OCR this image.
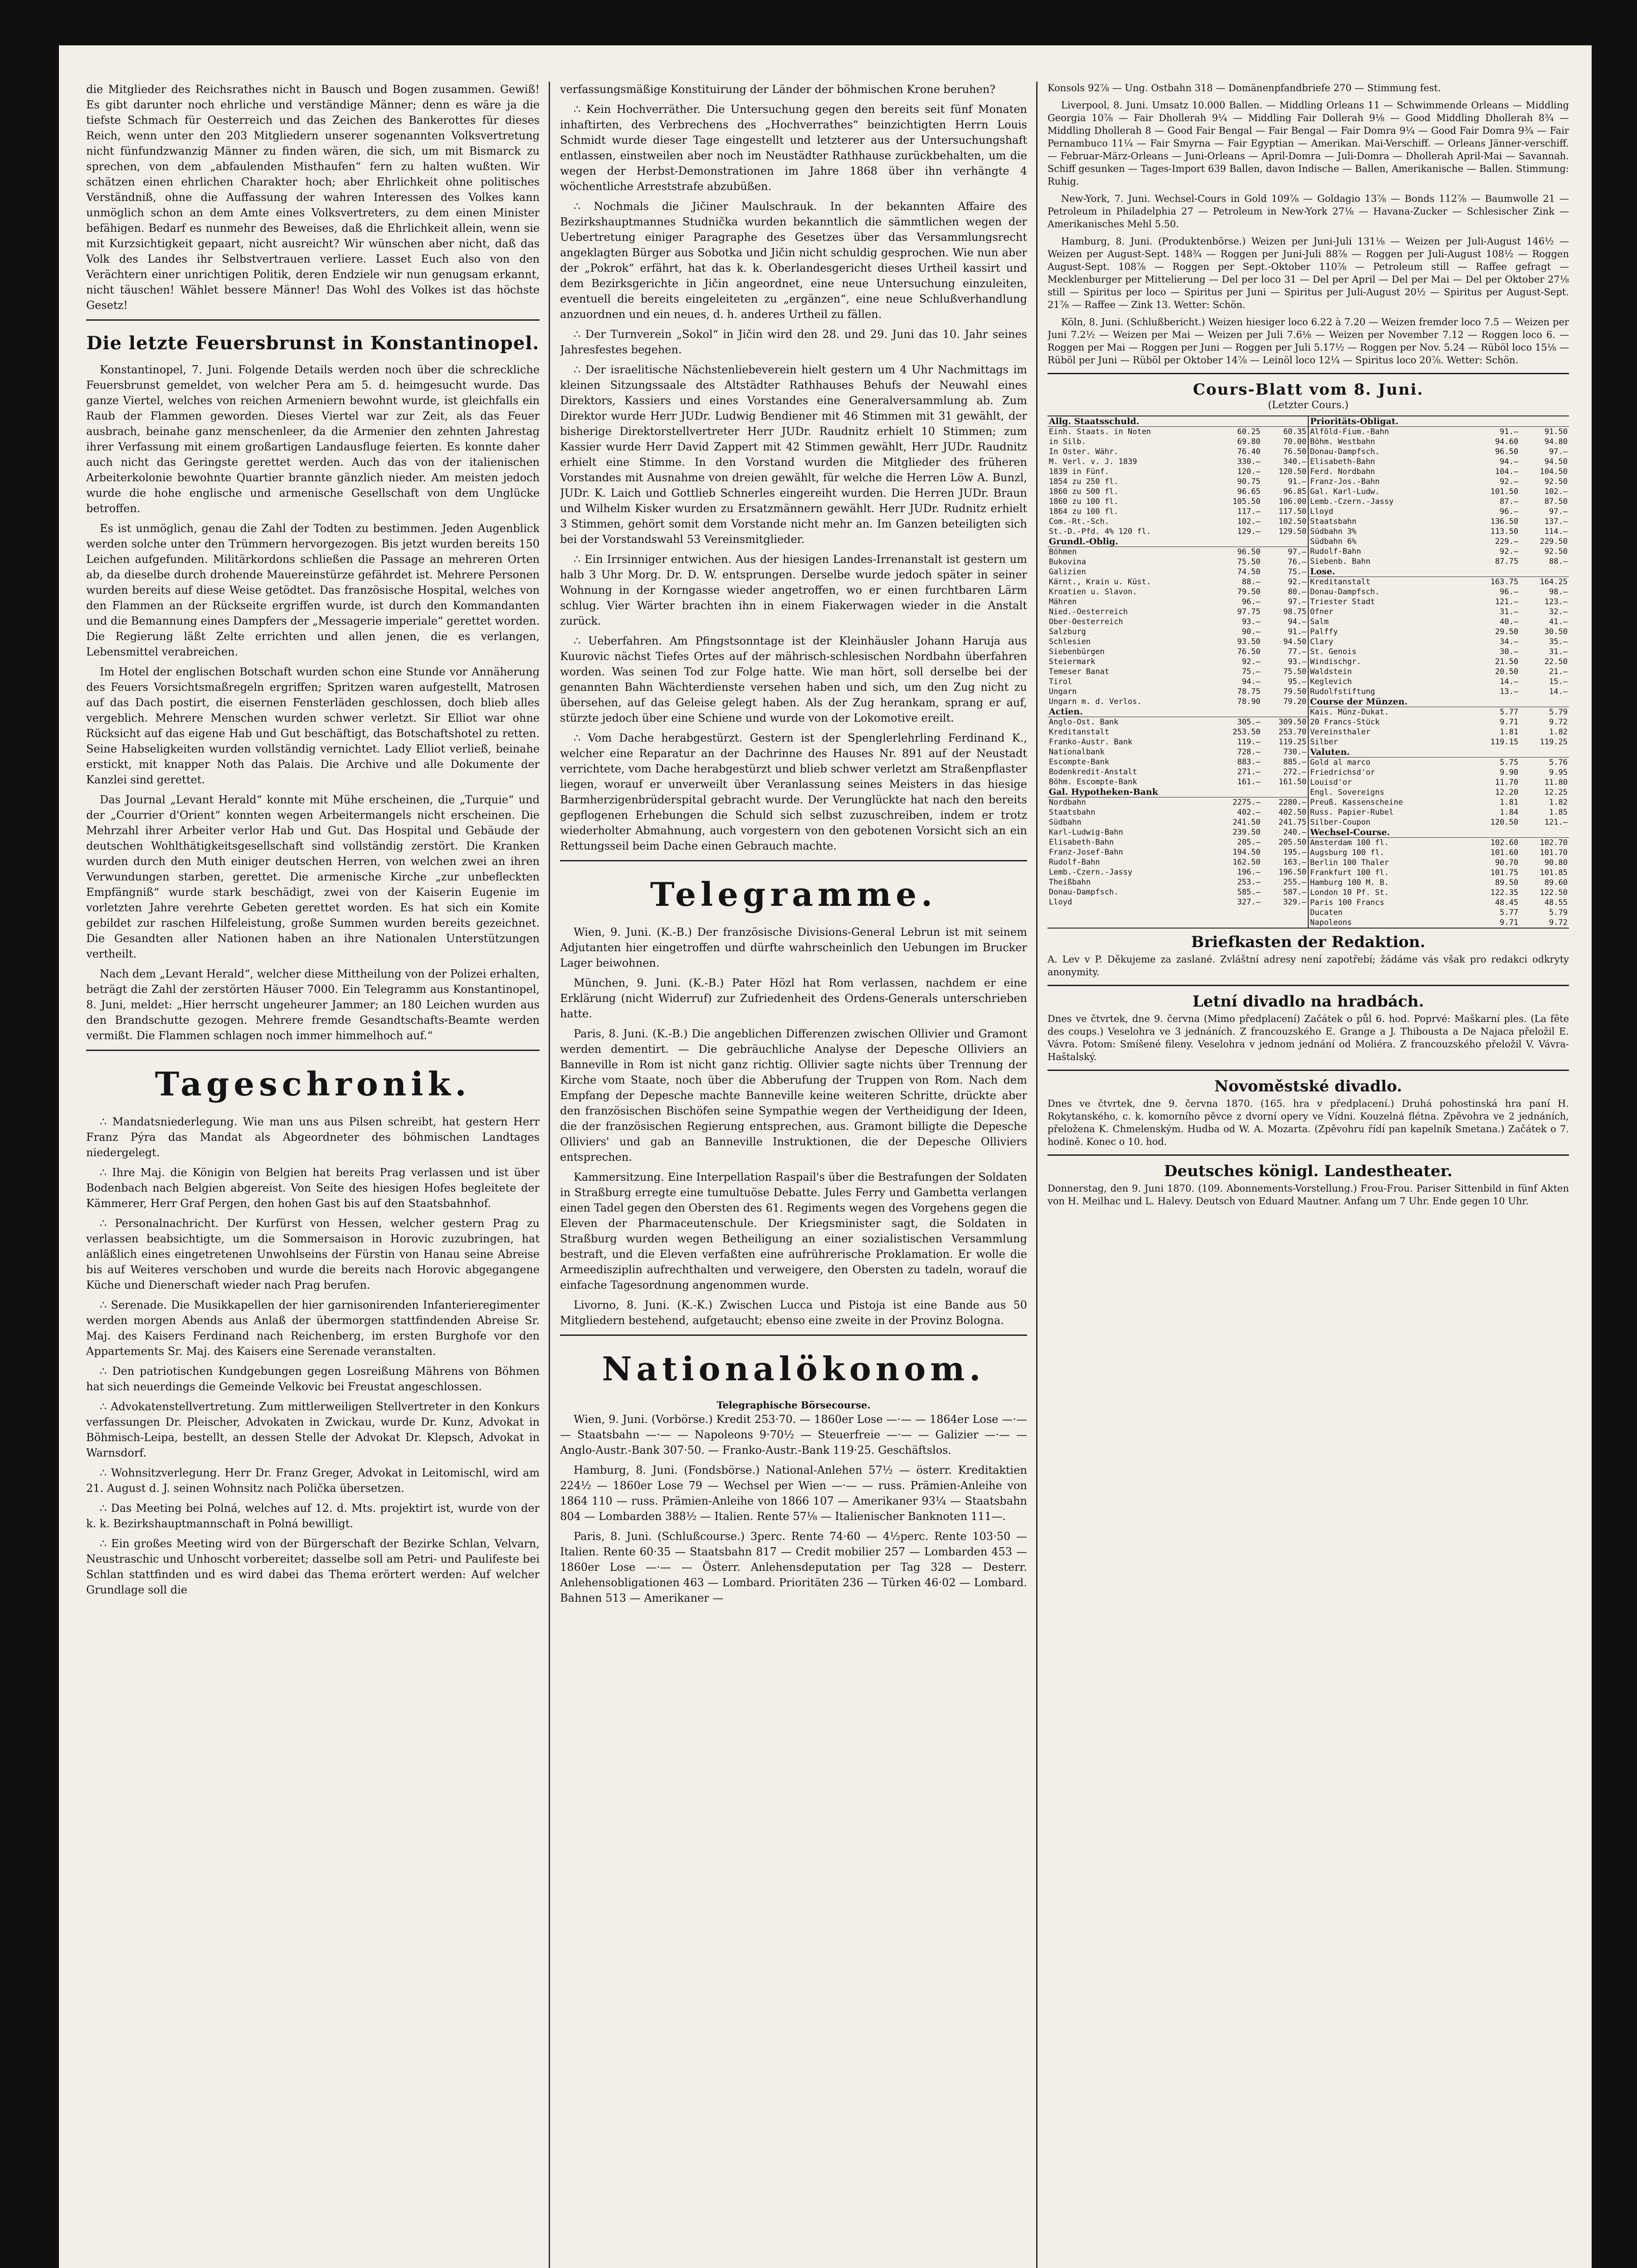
die Mitglieder des Reichsrathes nicht in Bausch und Bogen zusammen. Gewiß! Es gibt darunter noch ehrliche und verständige Männer; denn es wäre ja die tiefste Schmach für Oesterreich und das Zeichen des Bankerottes für dieses Reich, wenn unter den 203 Mitgliedern unserer sogenannten Volksvertretung nicht fünfundzwanzig Männer zu finden wären, die sich, um mit Bismarck zu sprechen, von dem „abfaulenden Misthaufen“ fern zu halten wußten. Wir schätzen einen ehrlichen Charakter hoch; aber Ehrlichkeit ohne politisches Verständniß, ohne die Auffassung der wahren Interessen des Volkes kann unmöglich schon an dem Amte eines Volksvertreters, zu dem einen Minister befähigen. Bedarf es nunmehr des Beweises, daß die Ehrlichkeit allein, wenn sie mit Kurzsichtigkeit gepaart, nicht ausreicht? Wir wünschen aber nicht, daß das Volk des Landes ihr Selbstvertrauen verliere. Lasset Euch also von den Verächtern einer unrichtigen Politik, deren Endziele wir nun genugsam erkannt, nicht täuschen! Wählet bessere Männer! Das Wohl des Volkes ist das höchste Gesetz!

Die letzte Feuersbrunst in Konstantinopel.

Konstantinopel, 7. Juni. Folgende Details werden noch über die schreckliche Feuersbrunst gemeldet, von welcher Pera am 5. d. heimgesucht wurde. Das ganze Viertel, welches von reichen Armeniern bewohnt wurde, ist gleichfalls ein Raub der Flammen geworden. Dieses Viertel war zur Zeit, als das Feuer ausbrach, beinahe ganz menschenleer, da die Armenier den zehnten Jahrestag ihrer Verfassung mit einem großartigen Landausfluge feierten. Es konnte daher auch nicht das Geringste gerettet werden. Auch das von der italienischen Arbeiterkolonie bewohnte Quartier brannte gänzlich nieder. Am meisten jedoch wurde die hohe englische und armenische Gesellschaft von dem Unglücke betroffen.

Es ist unmöglich, genau die Zahl der Todten zu bestimmen. Jeden Augenblick werden solche unter den Trümmern hervorgezogen. Bis jetzt wurden bereits 150 Leichen aufgefunden. Militärkordons schließen die Passage an mehreren Orten ab, da dieselbe durch drohende Mauereinstürze gefährdet ist. Mehrere Personen wurden bereits auf diese Weise getödtet. Das französische Hospital, welches von den Flammen an der Rückseite ergriffen wurde, ist durch den Kommandanten und die Bemannung eines Dampfers der „Messagerie imperiale“ gerettet worden. Die Regierung läßt Zelte errichten und allen jenen, die es verlangen, Lebensmittel verabreichen.

Im Hotel der englischen Botschaft wurden schon eine Stunde vor Annäherung des Feuers Vorsichtsmaßregeln ergriffen; Spritzen waren aufgestellt, Matrosen auf das Dach postirt, die eisernen Fensterläden geschlossen, doch blieb alles vergeblich. Mehrere Menschen wurden schwer verletzt. Sir Elliot war ohne Rücksicht auf das eigene Hab und Gut beschäftigt, das Botschaftshotel zu retten. Seine Habseligkeiten wurden vollständig vernichtet. Lady Elliot verließ, beinahe erstickt, mit knapper Noth das Palais. Die Archive und alle Dokumente der Kanzlei sind gerettet.

Das Journal „Levant Herald“ konnte mit Mühe erscheinen, die „Turquie“ und der „Courrier d'Orient“ konnten wegen Arbeitermangels nicht erscheinen. Die Mehrzahl ihrer Arbeiter verlor Hab und Gut. Das Hospital und Gebäude der deutschen Wohlthätigkeitsgesellschaft sind vollständig zerstört. Die Kranken wurden durch den Muth einiger deutschen Herren, von welchen zwei an ihren Verwundungen starben, gerettet. Die armenische Kirche „zur unbefleckten Empfängniß“ wurde stark beschädigt, zwei von der Kaiserin Eugenie im vorletzten Jahre verehrte Gebeten gerettet worden. Es hat sich ein Komite gebildet zur raschen Hilfeleistung, große Summen wurden bereits gezeichnet. Die Gesandten aller Nationen haben an ihre Nationalen Unterstützungen vertheilt.

Nach dem „Levant Herald“, welcher diese Mittheilung von der Polizei erhalten, beträgt die Zahl der zerstörten Häuser 7000. Ein Telegramm aus Konstantinopel, 8. Juni, meldet: „Hier herrscht ungeheurer Jammer; an 180 Leichen wurden aus den Brandschutte gezogen. Mehrere fremde Gesandtschafts-Beamte werden vermißt. Die Flammen schlagen noch immer himmelhoch auf.“

Tageschronik.

∴ Mandatsniederlegung. Wie man uns aus Pilsen schreibt, hat gestern Herr Franz Pýra das Mandat als Abgeordneter des böhmischen Landtages niedergelegt.

∴ Ihre Maj. die Königin von Belgien hat bereits Prag verlassen und ist über Bodenbach nach Belgien abgereist. Von Seite des hiesigen Hofes begleitete der Kämmerer, Herr Graf Pergen, den hohen Gast bis auf den Staatsbahnhof.

∴ Personalnachricht. Der Kurfürst von Hessen, welcher gestern Prag zu verlassen beabsichtigte, um die Sommersaison in Horovic zuzubringen, hat anläßlich eines eingetretenen Unwohlseins der Fürstin von Hanau seine Abreise bis auf Weiteres verschoben und wurde die bereits nach Horovic abgegangene Küche und Dienerschaft wieder nach Prag berufen.

∴ Serenade. Die Musikkapellen der hier garnisonirenden Infanterieregimenter werden morgen Abends aus Anlaß der übermorgen stattfindenden Abreise Sr. Maj. des Kaisers Ferdinand nach Reichenberg, im ersten Burghofe vor den Appartements Sr. Maj. des Kaisers eine Serenade veranstalten.

∴ Den patriotischen Kundgebungen gegen Losreißung Mährens von Böhmen hat sich neuerdings die Gemeinde Velkovic bei Freustat angeschlossen.

∴ Advokatenstellvertretung. Zum mittlerweiligen Stellvertreter in den Konkurs verfassungen Dr. Pleischer, Advokaten in Zwickau, wurde Dr. Kunz, Advokat in Böhmisch-Leipa, bestellt, an dessen Stelle der Advokat Dr. Klepsch, Advokat in Warnsdorf.

∴ Wohnsitzverlegung. Herr Dr. Franz Greger, Advokat in Leitomischl, wird am 21. August d. J. seinen Wohnsitz nach Polička übersetzen.

∴ Das Meeting bei Polná, welches auf 12. d. Mts. projektirt ist, wurde von der k. k. Bezirkshauptmannschaft in Polná bewilligt.

∴ Ein großes Meeting wird von der Bürgerschaft der Bezirke Schlan, Velvarn, Neustraschic und Unhoscht vorbereitet; dasselbe soll am Petri- und Paulifeste bei Schlan stattfinden und es wird dabei das Thema erörtert werden: Auf welcher Grundlage soll die

verfassungsmäßige Konstituirung der Länder der böhmischen Krone beruhen?

∴ Kein Hochverräther. Die Untersuchung gegen den bereits seit fünf Monaten inhaftirten, des Verbrechens des „Hochverrathes“ beinzichtigten Herrn Louis Schmidt wurde dieser Tage eingestellt und letzterer aus der Untersuchungshaft entlassen, einstweilen aber noch im Neustädter Rathhause zurückbehalten, um die wegen der Herbst-Demonstrationen im Jahre 1868 über ihn verhängte 4 wöchentliche Arreststrafe abzubüßen.

∴ Nochmals die Jičiner Maulschrauk. In der bekannten Affaire des Bezirkshauptmannes Studnička wurden bekanntlich die sämmtlichen wegen der Uebertretung einiger Paragraphe des Gesetzes über das Versammlungsrecht angeklagten Bürger aus Sobotka und Jičin nicht schuldig gesprochen. Wie nun aber der „Pokrok“ erfährt, hat das k. k. Oberlandesgericht dieses Urtheil kassirt und dem Bezirksgerichte in Jičin angeordnet, eine neue Untersuchung einzuleiten, eventuell die bereits eingeleiteten zu „ergänzen“, eine neue Schlußverhandlung anzuordnen und ein neues, d. h. anderes Urtheil zu fällen.

∴ Der Turnverein „Sokol“ in Jičin wird den 28. und 29. Juni das 10. Jahr seines Jahresfestes begehen.

∴ Der israelitische Nächstenliebeverein hielt gestern um 4 Uhr Nachmittags im kleinen Sitzungssaale des Altstädter Rathhauses Behufs der Neuwahl eines Direktors, Kassiers und eines Vorstandes eine Generalversammlung ab. Zum Direktor wurde Herr JUDr. Ludwig Bendiener mit 46 Stimmen mit 31 gewählt, der bisherige Direktorstellvertreter Herr JUDr. Raudnitz erhielt 10 Stimmen; zum Kassier wurde Herr David Zappert mit 42 Stimmen gewählt, Herr JUDr. Raudnitz erhielt eine Stimme. In den Vorstand wurden die Mitglieder des früheren Vorstandes mit Ausnahme von dreien gewählt, für welche die Herren Löw A. Bunzl, JUDr. K. Laich und Gottlieb Schnerles eingereiht wurden. Die Herren JUDr. Braun und Wilhelm Kisker wurden zu Ersatzmännern gewählt. Herr JUDr. Rudnitz erhielt 3 Stimmen, gehört somit dem Vorstande nicht mehr an. Im Ganzen beteiligten sich bei der Vorstandswahl 53 Vereinsmitglieder.

∴ Ein Irrsinniger entwichen. Aus der hiesigen Landes-Irrenanstalt ist gestern um halb 3 Uhr Morg. Dr. D. W. entsprungen. Derselbe wurde jedoch später in seiner Wohnung in der Korngasse wieder angetroffen, wo er einen furchtbaren Lärm schlug. Vier Wärter brachten ihn in einem Fiakerwagen wieder in die Anstalt zurück.

∴ Ueberfahren. Am Pfingstsonntage ist der Kleinhäusler Johann Haruja aus Kuurovic nächst Tiefes Ortes auf der mährisch-schlesischen Nordbahn überfahren worden. Was seinen Tod zur Folge hatte. Wie man hört, soll derselbe bei der genannten Bahn Wächterdienste versehen haben und sich, um den Zug nicht zu übersehen, auf das Geleise gelegt haben. Als der Zug herankam, sprang er auf, stürzte jedoch über eine Schiene und wurde von der Lokomotive ereilt.

∴ Vom Dache herabgestürzt. Gestern ist der Spenglerlehrling Ferdinand K., welcher eine Reparatur an der Dachrinne des Hauses Nr. 891 auf der Neustadt verrichtete, vom Dache herabgestürzt und blieb schwer verletzt am Straßenpflaster liegen, worauf er unverweilt über Veranlassung seines Meisters in das hiesige Barmherzigenbrüderspital gebracht wurde. Der Verunglückte hat nach den bereits gepflogenen Erhebungen die Schuld sich selbst zuzuschreiben, indem er trotz wiederholter Abmahnung, auch vorgestern von den gebotenen Vorsicht sich an ein Rettungsseil beim Dache einen Gebrauch machte.

Telegramme.

Wien, 9. Juni. (K.-B.) Der französische Divisions-General Lebrun ist mit seinem Adjutanten hier eingetroffen und dürfte wahrscheinlich den Uebungen im Brucker Lager beiwohnen.

München, 9. Juni. (K.-B.) Pater Hözl hat Rom verlassen, nachdem er eine Erklärung (nicht Widerruf) zur Zufriedenheit des Ordens-Generals unterschrieben hatte.

Paris, 8. Juni. (K.-B.) Die angeblichen Differenzen zwischen Ollivier und Gramont werden dementirt. — Die gebräuchliche Analyse der Depesche Olliviers an Banneville in Rom ist nicht ganz richtig. Ollivier sagte nichts über Trennung der Kirche vom Staate, noch über die Abberufung der Truppen von Rom. Nach dem Empfang der Depesche machte Banneville keine weiteren Schritte, drückte aber den französischen Bischöfen seine Sympathie wegen der Vertheidigung der Ideen, die der französischen Regierung entsprechen, aus. Gramont billigte die Depesche Olliviers' und gab an Banneville Instruktionen, die der Depesche Olliviers entsprechen.

Kammersitzung. Eine Interpellation Raspail's über die Bestrafungen der Soldaten in Straßburg erregte eine tumultuöse Debatte. Jules Ferry und Gambetta verlangen einen Tadel gegen den Obersten des 61. Regiments wegen des Vorgehens gegen die Eleven der Pharmaceutenschule. Der Kriegsminister sagt, die Soldaten in Straßburg wurden wegen Betheiligung an einer sozialistischen Versammlung bestraft, und die Eleven verfaßten eine aufrührerische Proklamation. Er wolle die Armeedisziplin aufrechthalten und verweigere, den Obersten zu tadeln, worauf die einfache Tagesordnung angenommen wurde.

Livorno, 8. Juni. (K.-K.) Zwischen Lucca und Pistoja ist eine Bande aus 50 Mitgliedern bestehend, aufgetaucht; ebenso eine zweite in der Provinz Bologna.

Nationalökonom.
Telegraphische Börsecourse.

Wien, 9. Juni. (Vorbörse.) Kredit 253·70. — 1860er Lose —·— — 1864er Lose —·— — Staatsbahn —·— — Napoleons 9·70½ — Steuerfreie —·— — Galizier —·— — Anglo-Austr.-Bank 307·50. — Franko-Austr.-Bank 119·25. Geschäftslos.

Hamburg, 8. Juni. (Fondsbörse.) National-Anlehen 57½ — österr. Kreditaktien 224½ — 1860er Lose 79 — Wechsel per Wien —·— — russ. Prämien-Anleihe von 1864 110 — russ. Prämien-Anleihe von 1866 107 — Amerikaner 93¼ — Staatsbahn 804 — Lombarden 388½ — Italien. Rente 57⅛ — Italienischer Banknoten 111—.

Paris, 8. Juni. (Schlußcourse.) 3perc. Rente 74·60 — 4½perc. Rente 103·50 — Italien. Rente 60·35 — Staatsbahn 817 — Credit mobilier 257 — Lombarden 453 — 1860er Lose —·— — Österr. Anlehensdeputation per Tag 328 — Desterr. Anlehensobligationen 463 — Lombard. Prioritäten 236 — Türken 46·02 — Lombard. Bahnen 513 — Amerikaner —

Konsols 92⅞ — Ung. Ostbahn 318 — Domänenpfandbriefe 270 — Stimmung fest.

Liverpool, 8. Juni. Umsatz 10.000 Ballen. — Middling Orleans 11 — Schwimmende Orleans — Middling Georgia 10⅞ — Fair Dhollerah 9¼ — Middling Fair Dollerah 9⅛ — Good Middling Dhollerah 8¾ — Middling Dhollerah 8 — Good Fair Bengal — Fair Bengal — Fair Domra 9¼ — Good Fair Domra 9¾ — Fair Pernambuco 11¼ — Fair Smyrna — Fair Egyptian — Amerikan. Mai-Verschiff. — Orleans Jänner-verschiff. — Februar-März-Orleans — Juni-Orleans — April-Domra — Juli-Domra — Dhollerah April-Mai — Savannah. Schiff gesunken — Tages-Import 639 Ballen, davon Indische — Ballen, Amerikanische — Ballen. Stimmung: Ruhig.

New-York, 7. Juni. Wechsel-Cours in Gold 109⅞ — Goldagio 13⅞ — Bonds 112⅞ — Baumwolle 21 — Petroleum in Philadelphia 27 — Petroleum in New-York 27⅛ — Havana-Zucker — Schlesischer Zink — Amerikanisches Mehl 5.50.

Hamburg, 8. Juni. (Produktenbörse.) Weizen per Juni-Juli 131⅛ — Weizen per Juli-August 146½ — Weizen per August-Sept. 148¾ — Roggen per Juni-Juli 88⅞ — Roggen per Juli-August 108½ — Roggen August-Sept. 108⅞ — Roggen per Sept.-Oktober 110⅞ — Petroleum still — Raffee gefragt — Mecklenburger per Mittelierung — Del per loco 31 — Del per April — Del per Mai — Del per Oktober 27⅛ still — Spiritus per loco — Spiritus per Juni — Spiritus per Juli-August 20½ — Spiritus per August-Sept. 21⅞ — Raffee — Zink 13. Wetter: Schön.

Köln, 8. Juni. (Schlußbericht.) Weizen hiesiger loco 6.22 à 7.20 — Weizen fremder loco 7.5 — Weizen per Juni 7.2½ — Weizen per Mai — Weizen per Juli 7.6⅛ — Weizen per November 7.12 — Roggen loco 6. — Roggen per Mai — Roggen per Juni — Roggen per Juli 5.17½ — Roggen per Nov. 5.24 — Rüböl loco 15⅛ — Rüböl per Juni — Rüböl per Oktober 14⅞ — Leinöl loco 12¼ — Spiritus loco 20⅞. Wetter: Schön.

Cours-Blatt vom 8. Juni.
(Letzter Cours.)
Allg. Staatsschuld.		
Einh. Staats. in Noten	60.25	60.35
in Silb.	69.80	70.00
In Oster. Währ.	76.40	76.50
M. Verl. v. J. 1839	330.—	340.—
1839 in Fünf.	120.—	120.50
1854 zu 250 fl.	90.75	91.—
1860 zu 500 fl.	96.65	96.85
1860 zu 100 fl.	105.50	106.00
1864 zu 100 fl.	117.—	117.50
Com.-Rt.-Sch.	102.—	102.50
St.-D.-Pfd. 4% 120 fl.	129.—	129.50
Grundl.-Oblig.		
Böhmen	96.50	97.—
Bukovina	75.50	76.—
Galizien	74.50	75.—
Kärnt., Krain u. Küst.	88.—	92.—
Kroatien u. Slavon.	79.50	80.—
Mähren	96.—	97.—
Nied.-Oesterreich	97.75	98.75
Ober-Oesterreich	93.—	94.—
Salzburg	90.—	91.—
Schlesien	93.50	94.50
Siebenbürgen	76.50	77.—
Steiermark	92.—	93.—
Temeser Banat	75.—	75.50
Tirol	94.—	95.—
Ungarn	78.75	79.50
Ungarn m. d. Verlos.	78.90	79.20
Actien.		
Anglo-Ost. Bank	305.—	309.50
Kreditanstalt	253.50	253.70
Franko-Austr. Bank	119.—	119.25
Nationalbank	728.—	730.—
Escompte-Bank	883.—	885.—
Bodenkredit-Anstalt	271.—	272.—
Böhm. Escompte-Bank	161.—	161.50
Gal. Hypotheken-Bank		
Nordbahn	2275.—	2280.—
Staatsbahn	402.—	402.50
Südbahn	241.50	241.75
Karl-Ludwig-Bahn	239.50	240.—
Elisabeth-Bahn	205.—	205.50
Franz-Josef-Bahn	194.50	195.—
Rudolf-Bahn	162.50	163.—
Lemb.-Czern.-Jassy	196.—	196.50
Theißbahn	253.—	255.—
Donau-Dampfsch.	585.—	587.—
Lloyd	327.—	329.—
Prioritäts-Obligat.		
Alföld-Fium.-Bahn	91.—	91.50
Böhm. Westbahn	94.60	94.80
Donau-Dampfsch.	96.50	97.—
Elisabeth-Bahn	94.—	94.50
Ferd. Nordbahn	104.—	104.50
Franz-Jos.-Bahn	92.—	92.50
Gal. Karl-Ludw.	101.50	102.—
Lemb.-Czern.-Jassy	87.—	87.50
Lloyd	96.—	97.—
Staatsbahn	136.50	137.—
Südbahn 3%	113.50	114.—
Südbahn 6%	229.—	229.50
Rudolf-Bahn	92.—	92.50
Siebenb. Bahn	87.75	88.—
Lose.		
Kreditanstalt	163.75	164.25
Donau-Dampfsch.	96.—	98.—
Triester Stadt	121.—	123.—
Ofner	31.—	32.—
Salm	40.—	41.—
Palffy	29.50	30.50
Clary	34.—	35.—
St. Genois	30.—	31.—
Windischgr.	21.50	22.50
Waldstein	20.50	21.—
Keglevich	14.—	15.—
Rudolfstiftung	13.—	14.—
Course der Münzen.		
Kais. Münz-Dukat.	5.77	5.79
20 Francs-Stück	9.71	9.72
Vereinsthaler	1.81	1.82
Silber	119.15	119.25
Valuten.		
Gold al marco	5.75	5.76
Friedrichsd'or	9.90	9.95
Louisd'or	11.70	11.80
Engl. Sovereigns	12.20	12.25
Preuß. Kassenscheine	1.81	1.82
Russ. Papier-Rubel	1.84	1.85
Silber-Coupon	120.50	121.—
Wechsel-Course.		
Amsterdam 100 fl.	102.60	102.70
Augsburg 100 fl.	101.60	101.70
Berlin 100 Thaler	90.70	90.80
Frankfurt 100 fl.	101.75	101.85
Hamburg 100 M. B.	89.50	89.60
London 10 Pf. St.	122.35	122.50
Paris 100 Francs	48.45	48.55
Ducaten	5.77	5.79
Napoleons	9.71	9.72
Briefkasten der Redaktion.

A. Lev v P. Děkujeme za zaslané. Zvláštní adresy není zapotřebí; žádáme vás však pro redakci odkryty anonymity.

Letní divadlo na hradbách.

Dnes ve čtvrtek, dne 9. června (Mimo předplacení) Začátek o půl 6. hod. Poprvé: Maškarní ples. (La fête des coups.) Veselohra ve 3 jednáních. Z francouzského E. Grange a J. Thibousta a De Najaca přeložil E. Vávra. Potom: Smíšené fileny. Veselohra v jednom jednání od Moliéra. Z francouzského přeložil V. Vávra-Haštalský.

Novoměstské divadlo.

Dnes ve čtvrtek, dne 9. června 1870. (165. hra v předplacení.) Druhá pohostinská hra paní H. Rokytanského, c. k. komorního pěvce z dvorní opery ve Vídni. Kouzelná flétna. Zpěvohra ve 2 jednáních, přeložena K. Chmelenským. Hudba od W. A. Mozarta. (Zpěvohru řídí pan kapelník Smetana.) Začátek o 7. hodině. Konec o 10. hod.

Deutsches königl. Landestheater.

Donnerstag, den 9. Juni 1870. (109. Abonnements-Vorstellung.) Frou-Frou. Pariser Sittenbild in fünf Akten von H. Meilhac und L. Halevy. Deutsch von Eduard Mautner. Anfang um 7 Uhr. Ende gegen 10 Uhr.
